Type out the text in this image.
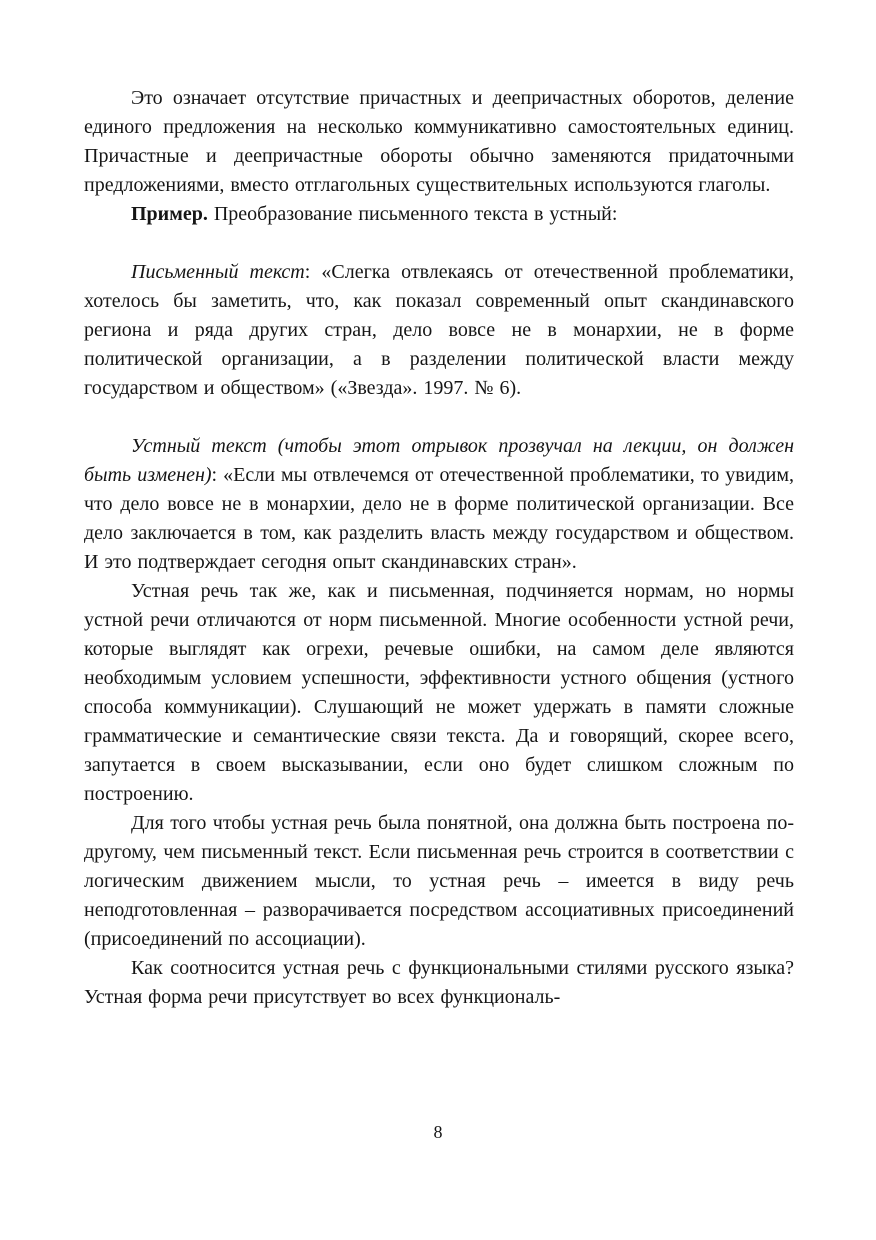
Это означает отсутствие причастных и деепричастных оборотов, деление единого предложения на несколько коммуникативно самостоятельных единиц. Причастные и деепричастные обороты обычно заменяются придаточными предложениями, вместо отглагольных существительных используются глаголы.

Пример. Преобразование письменного текста в устный:

Письменный текст: «Слегка отвлекаясь от отечественной проблематики, хотелось бы заметить, что, как показал современный опыт скандинавского региона и ряда других стран, дело вовсе не в монархии, не в форме политической организации, а в разделении политической власти между государством и обществом» («Звезда». 1997. № 6).

Устный текст (чтобы этот отрывок прозвучал на лекции, он должен быть изменен): «Если мы отвлечемся от отечественной проблематики, то увидим, что дело вовсе не в монархии, дело не в форме политической организации. Все дело заключается в том, как разделить власть между государством и обществом. И это подтверждает сегодня опыт скандинавских стран».

Устная речь так же, как и письменная, подчиняется нормам, но нормы устной речи отличаются от норм письменной. Многие особенности устной речи, которые выглядят как огрехи, речевые ошибки, на самом деле являются необходимым условием успешности, эффективности устного общения (устного способа коммуникации). Слушающий не может удержать в памяти сложные грамматические и семантические связи текста. Да и говорящий, скорее всего, запутается в своем высказывании, если оно будет слишком сложным по построению.

Для того чтобы устная речь была понятной, она должна быть построена по-другому, чем письменный текст. Если письменная речь строится в соответствии с логическим движением мысли, то устная речь – имеется в виду речь неподготовленная – разворачивается посредством ассоциативных присоединений (присоединений по ассоциации).

Как соотносится устная речь с функциональными стилями русского языка? Устная форма речи присутствует во всех функциональ-

8
